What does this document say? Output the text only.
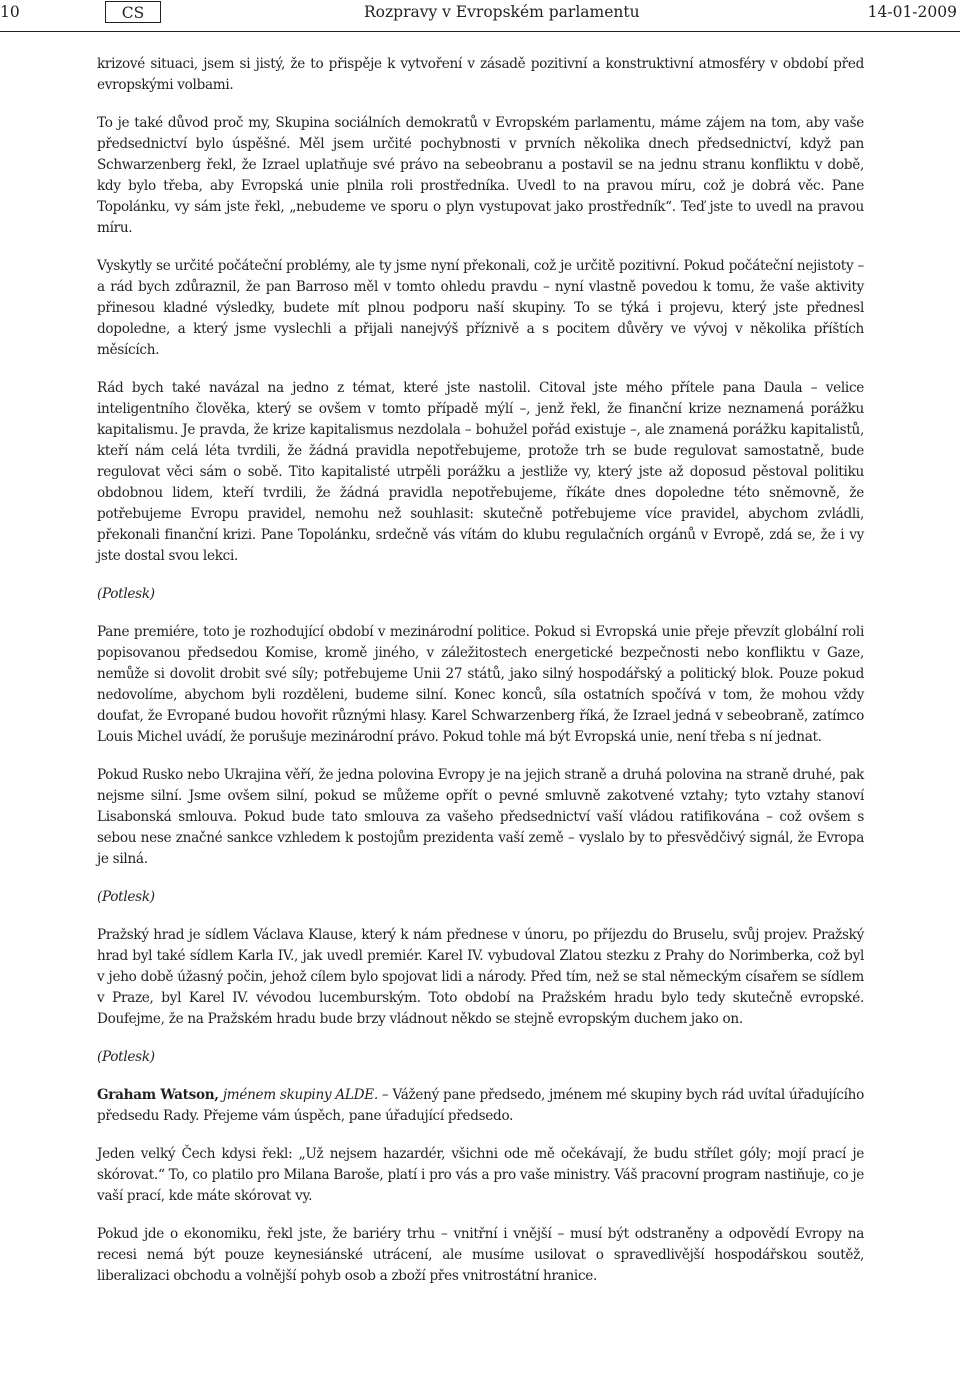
10	CS	Rozpravy v Evropském parlamentu	14-01-2009

krizové situaci, jsem si jistý, že to přispěje k vytvoření v zásadě pozitivní a konstruktivní atmosféry v období před evropskými volbami.

To je také důvod proč my, Skupina sociálních demokratů v Evropském parlamentu, máme zájem na tom, aby vaše předsednictví bylo úspěšné. Měl jsem určité pochybnosti v prvních několika dnech předsednictví, když pan Schwarzenberg řekl, že Izrael uplatňuje své právo na sebeobranu a postavil se na jednu stranu konfliktu v době, kdy bylo třeba, aby Evropská unie plnila roli prostředníka. Uvedl to na pravou míru, což je dobrá věc. Pane Topolánku, vy sám jste řekl, „nebudeme ve sporu o plyn vystupovat jako prostředník“. Teď jste to uvedl na pravou míru.

Vyskytly se určité počáteční problémy, ale ty jsme nyní překonali, což je určitě pozitivní. Pokud počáteční nejistoty – a rád bych zdůraznil, že pan Barroso měl v tomto ohledu pravdu – nyní vlastně povedou k tomu, že vaše aktivity přinesou kladné výsledky, budete mít plnou podporu naší skupiny. To se týká i projevu, který jste přednesl dopoledne, a který jsme vyslechli a přijali nanejvýš příznivě a s pocitem důvěry ve vývoj v několika příštích měsících.

Rád bych také navázal na jedno z témat, které jste nastolil. Citoval jste mého přítele pana Daula – velice inteligentního člověka, který se ovšem v tomto případě mýlí –, jenž řekl, že finanční krize neznamená porážku kapitalismu. Je pravda, že krize kapitalismus nezdolala – bohužel pořád existuje –, ale znamená porážku kapitalistů, kteří nám celá léta tvrdili, že žádná pravidla nepotřebujeme, protože trh se bude regulovat samostatně, bude regulovat věci sám o sobě. Tito kapitalisté utrpěli porážku a jestliže vy, který jste až doposud pěstoval politiku obdobnou lidem, kteří tvrdili, že žádná pravidla nepotřebujeme, říkáte dnes dopoledne této sněmovně, že potřebujeme Evropu pravidel, nemohu než souhlasit: skutečně potřebujeme více pravidel, abychom zvládli, překonali finanční krizi. Pane Topolánku, srdečně vás vítám do klubu regulačních orgánů v Evropě, zdá se, že i vy jste dostal svou lekci.

(Potlesk)

Pane premiére, toto je rozhodující období v mezinárodní politice. Pokud si Evropská unie přeje převzít globální roli popisovanou předsedou Komise, kromě jiného, v záležitostech energetické bezpečnosti nebo konfliktu v Gaze, nemůže si dovolit drobit své síly; potřebujeme Unii 27 států, jako silný hospodářský a politický blok. Pouze pokud nedovolíme, abychom byli rozděleni, budeme silní. Konec konců, síla ostatních spočívá v tom, že mohou vždy doufat, že Evropané budou hovořit různými hlasy. Karel Schwarzenberg říká, že Izrael jedná v sebeobraně, zatímco Louis Michel uvádí, že porušuje mezinárodní právo. Pokud tohle má být Evropská unie, není třeba s ní jednat.

Pokud Rusko nebo Ukrajina věří, že jedna polovina Evropy je na jejich straně a druhá polovina na straně druhé, pak nejsme silní. Jsme ovšem silní, pokud se můžeme opřít o pevné smluvně zakotvené vztahy; tyto vztahy stanoví Lisabonská smlouva. Pokud bude tato smlouva za vašeho předsednictví vaší vládou ratifikována – což ovšem s sebou nese značné sankce vzhledem k postojům prezidenta vaší země – vyslalo by to přesvědčivý signál, že Evropa je silná.

(Potlesk)

Pražský hrad je sídlem Václava Klause, který k nám přednese v únoru, po příjezdu do Bruselu, svůj projev. Pražský hrad byl také sídlem Karla IV., jak uvedl premiér. Karel IV. vybudoval Zlatou stezku z Prahy do Norimberka, což byl v jeho době úžasný počin, jehož cílem bylo spojovat lidi a národy. Před tím, než se stal německým císařem se sídlem v Praze, byl Karel IV. vévodou lucemburským. Toto období na Pražském hradu bylo tedy skutečně evropské. Doufejme, že na Pražském hradu bude brzy vládnout někdo se stejně evropským duchem jako on.

(Potlesk)

Graham Watson, jménem skupiny ALDE. – Vážený pane předsedo, jménem mé skupiny bych rád uvítal úřadujícího předsedu Rady. Přejeme vám úspěch, pane úřadující předsedo.

Jeden velký Čech kdysi řekl: „Už nejsem hazardér, všichni ode mě očekávají, že budu střílet góly; mojí prací je skórovat.“ To, co platilo pro Milana Baroše, platí i pro vás a pro vaše ministry. Váš pracovní program nastiňuje, co je vaší prací, kde máte skórovat vy.

Pokud jde o ekonomiku, řekl jste, že bariéry trhu – vnitřní i vnější – musí být odstraněny a odpovědí Evropy na recesi nemá být pouze keynesiánské utrácení, ale musíme usilovat o spravedlivější hospodářskou soutěž, liberalizaci obchodu a volnější pohyb osob a zboží přes vnitrostátní hranice.
